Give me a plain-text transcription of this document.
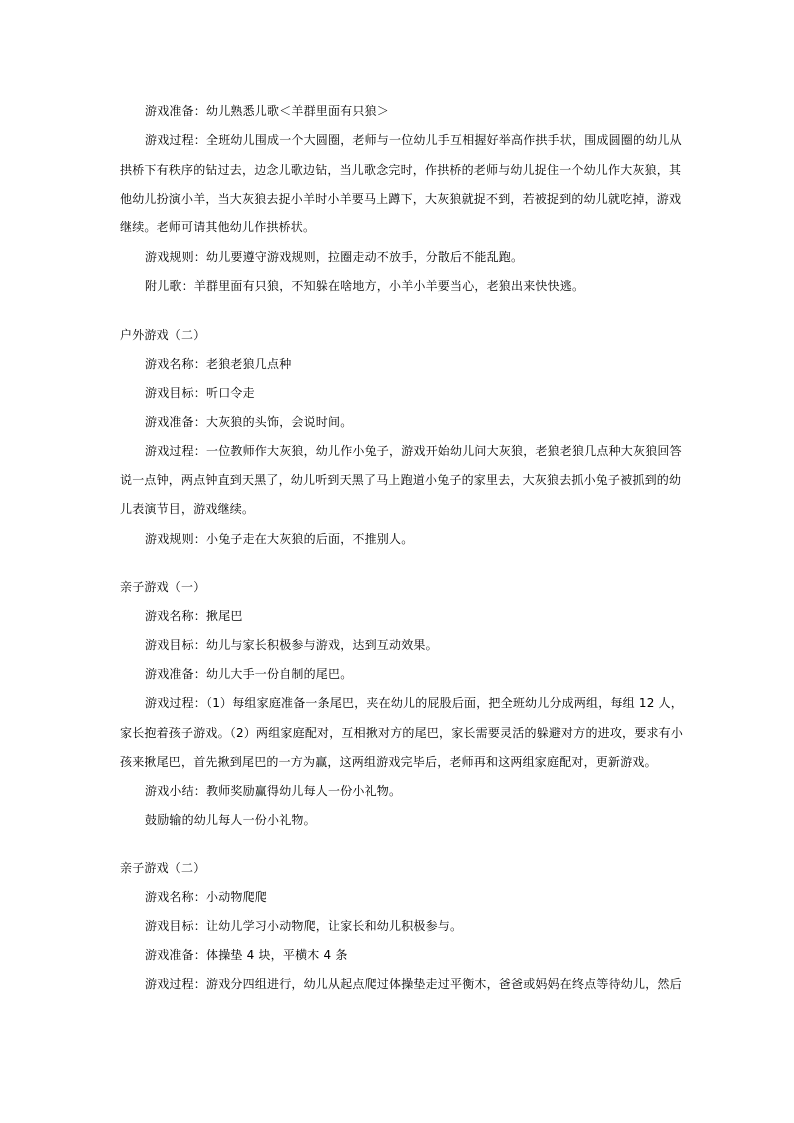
游戏准备：幼儿熟悉儿歌＜羊群里面有只狼＞
游戏过程：全班幼儿围成一个大圆圈，老师与一位幼儿手互相握好举高作拱手状，围成圆圈的幼儿从
拱桥下有秩序的钻过去，边念儿歌边钻，当儿歌念完时，作拱桥的老师与幼儿捉住一个幼儿作大灰狼，其
他幼儿扮演小羊，当大灰狼去捉小羊时小羊要马上蹲下，大灰狼就捉不到，若被捉到的幼儿就吃掉，游戏
继续。老师可请其他幼儿作拱桥状。
游戏规则：幼儿要遵守游戏规则，拉圈走动不放手，分散后不能乱跑。
附儿歌：羊群里面有只狼，不知躲在啥地方，小羊小羊要当心，老狼出来快快逃。
户外游戏（二）
游戏名称：老狼老狼几点种
游戏目标：听口令走
游戏准备：大灰狼的头饰，会说时间。
游戏过程：一位教师作大灰狼，幼儿作小兔子，游戏开始幼儿问大灰狼，老狼老狼几点种大灰狼回答
说一点钟，两点钟直到天黑了，幼儿听到天黑了马上跑道小兔子的家里去，大灰狼去抓小兔子被抓到的幼
儿表演节目，游戏继续。
游戏规则：小兔子走在大灰狼的后面，不推别人。
亲子游戏（一）
游戏名称：揪尾巴
游戏目标：幼儿与家长积极参与游戏，达到互动效果。
游戏准备：幼儿大手一份自制的尾巴。
游戏过程：（1）每组家庭准备一条尾巴，夹在幼儿的屁股后面，把全班幼儿分成两组，每组 12 人，
家长抱着孩子游戏。（2）两组家庭配对，互相揪对方的尾巴，家长需要灵活的躲避对方的进攻，要求有小
孩来揪尾巴，首先揪到尾巴的一方为赢，这两组游戏完毕后，老师再和这两组家庭配对，更新游戏。
游戏小结：教师奖励赢得幼儿每人一份小礼物。
鼓励输的幼儿每人一份小礼物。
亲子游戏（二）
游戏名称：小动物爬爬
游戏目标：让幼儿学习小动物爬，让家长和幼儿积极参与。
游戏准备：体操垫 4 块，平横木 4 条
游戏过程：游戏分四组进行，幼儿从起点爬过体操垫走过平衡木，爸爸或妈妈在终点等待幼儿，然后
